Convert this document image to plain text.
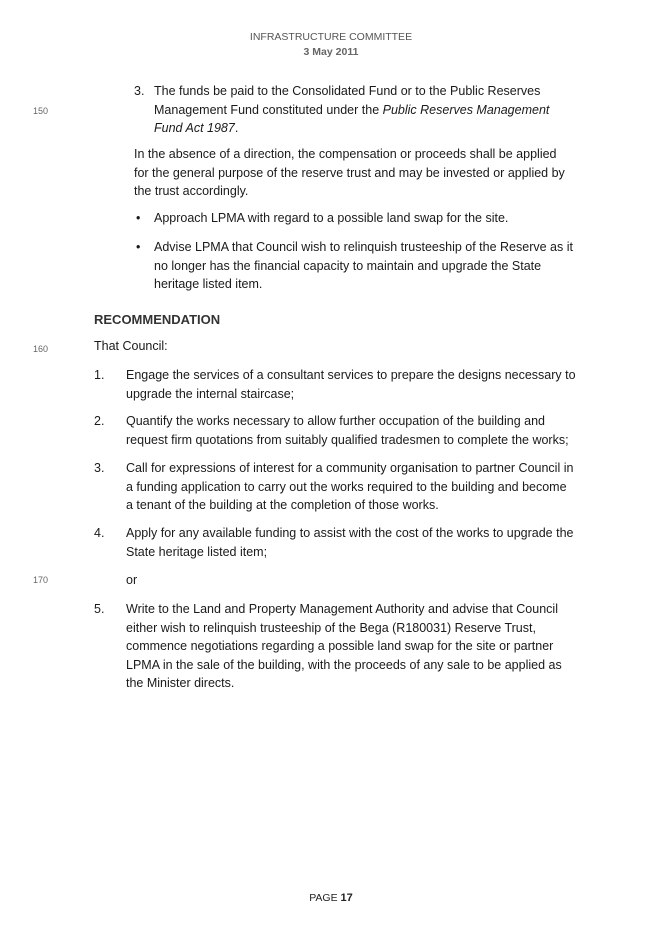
INFRASTRUCTURE COMMITTEE
3 May 2011
150
160
170
3. The funds be paid to the Consolidated Fund or to the Public Reserves Management Fund constituted under the Public Reserves Management Fund Act 1987.

In the absence of a direction, the compensation or proceeds shall be applied for the general purpose of the reserve trust and may be invested or applied by the trust accordingly.

• Approach LPMA with regard to a possible land swap for the site.

• Advise LPMA that Council wish to relinquish trusteeship of the Reserve as it no longer has the financial capacity to maintain and upgrade the State heritage listed item.

RECOMMENDATION

That Council:

1. Engage the services of a consultant services to prepare the designs necessary to upgrade the internal staircase;

2. Quantify the works necessary to allow further occupation of the building and request firm quotations from suitably qualified tradesmen to complete the works;

3. Call for expressions of interest for a community organisation to partner Council in a funding application to carry out the works required to the building and become a tenant of the building at the completion of those works.

4. Apply for any available funding to assist with the cost of the works to upgrade the State heritage listed item;

or

5. Write to the Land and Property Management Authority and advise that Council either wish to relinquish trusteeship of the Bega (R180031) Reserve Trust, commence negotiations regarding a possible land swap for the site or partner LPMA in the sale of the building, with the proceeds of any sale to be applied as the Minister directs.

PAGE 17
